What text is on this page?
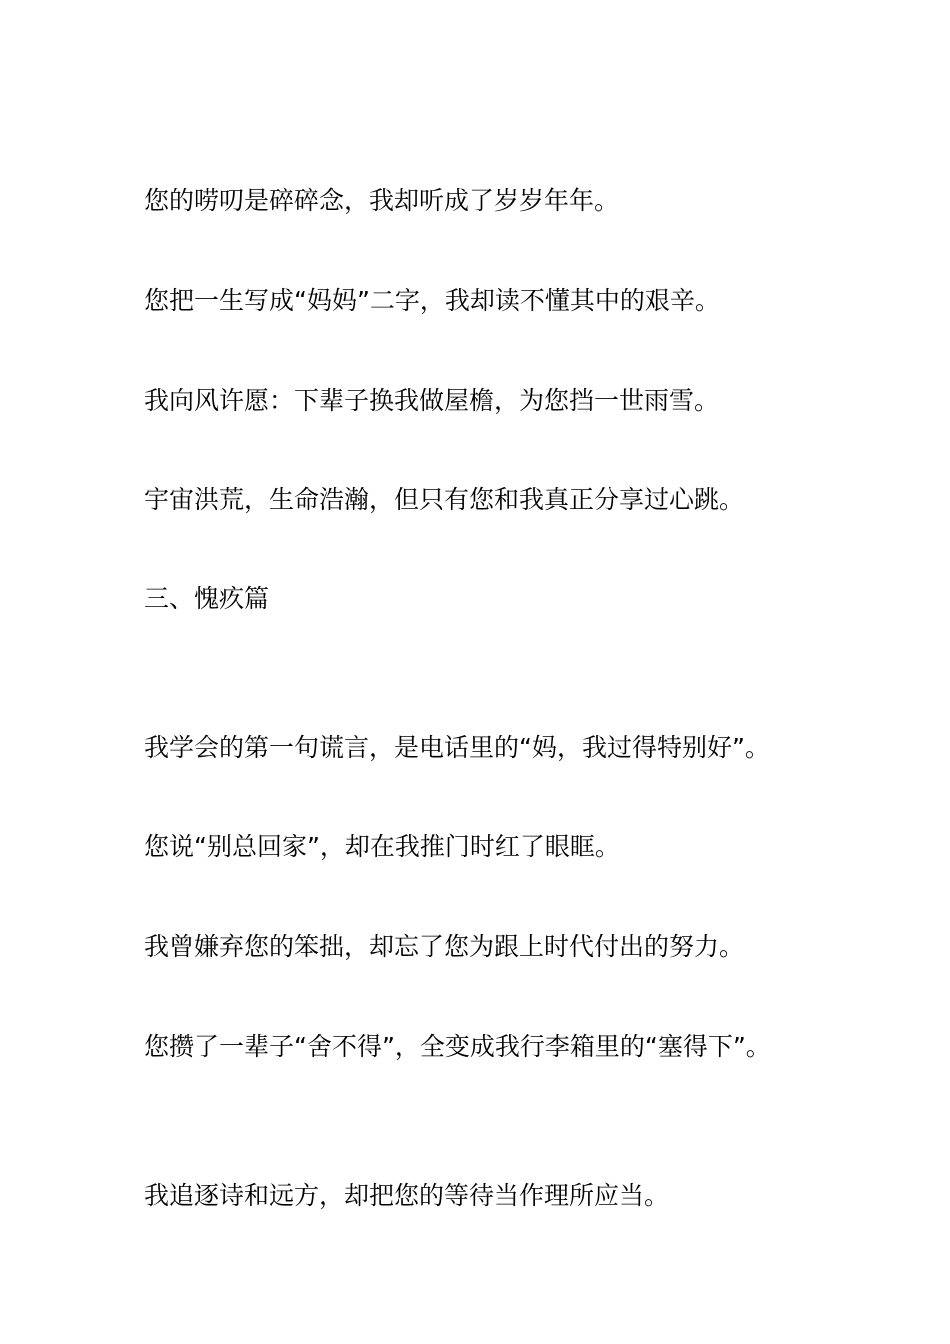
您的唠叨是碎碎念，我却听成了岁岁年年。
您把一生写成“妈妈”二字，我却读不懂其中的艰辛。
我向风许愿：下辈子换我做屋檐，为您挡一世雨雪。
宇宙洪荒，生命浩瀚，但只有您和我真正分享过心跳。
三、愧疚篇
我学会的第一句谎言，是电话里的“妈，我过得特别好”。
您说“别总回家”，却在我推门时红了眼眶。
我曾嫌弃您的笨拙，却忘了您为跟上时代付出的努力。
您攒了一辈子“舍不得”，全变成我行李箱里的“塞得下”。
我追逐诗和远方，却把您的等待当作理所应当。
